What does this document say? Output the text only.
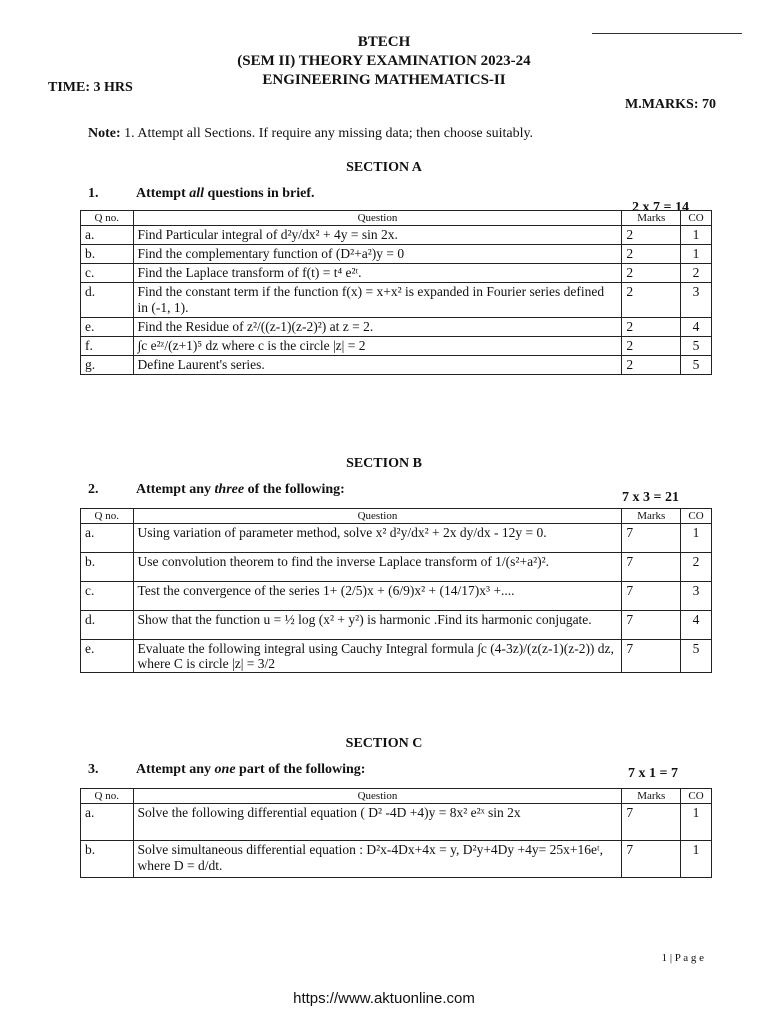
BTECH
(SEM II) THEORY EXAMINATION 2023-24
ENGINEERING MATHEMATICS-II
TIME: 3 HRS
M.MARKS: 70
Note: 1. Attempt all Sections. If require any missing data; then choose suitably.
SECTION A
1.	Attempt all questions in brief.
2 x 7 = 14
Q no.	Question	Marks	CO
a.	Find Particular integral of d²y/dx² + 4y = sin 2x.	2	1
b.	Find the complementary function of (D²+a²)y = 0	2	1
c.	Find the Laplace transform of f(t) = t⁴ e²ᵗ.	2	2
d.	Find the constant term if the function f(x) = x+x² is expanded in Fourier series defined in (-1, 1).	2	3
e.	Find the Residue of z²/((z-1)(z-2)²) at z = 2.	2	4
f.	∫c e²ᶻ/(z+1)⁵ dz where c is the circle |z| = 2	2	5
g.	Define Laurent's series.	2	5
SECTION B
2.	Attempt any three of the following:
7 x 3 = 21
Q no.	Question	Marks	CO
a.	Using variation of parameter method, solve x² d²y/dx² + 2x dy/dx - 12y = 0.	7	1
b.	Use convolution theorem to find the inverse Laplace transform of 1/(s²+a²)².	7	2
c.	Test the convergence of the series 1+ (2/5)x + (6/9)x² + (14/17)x³ +....	7	3
d.	Show that the function u = ½ log (x² + y²) is harmonic .Find its harmonic conjugate.	7	4
e.	Evaluate the following integral using Cauchy Integral formula ∫c (4-3z)/(z(z-1)(z-2)) dz, where C is circle |z| = 3/2	7	5
SECTION C
3.	Attempt any one part of the following:	7 x 1 = 7
Q no.	Question	Marks	CO
a.	Solve the following differential equation ( D² -4D +4)y = 8x² e²ˣ sin 2x	7	1
b.	Solve simultaneous differential equation : D²x-4Dx+4x = y, D²y+4Dy +4y= 25x+16eᵗ, where D = d/dt.	7	1
1 | P a g e
https://www.aktuonline.com
